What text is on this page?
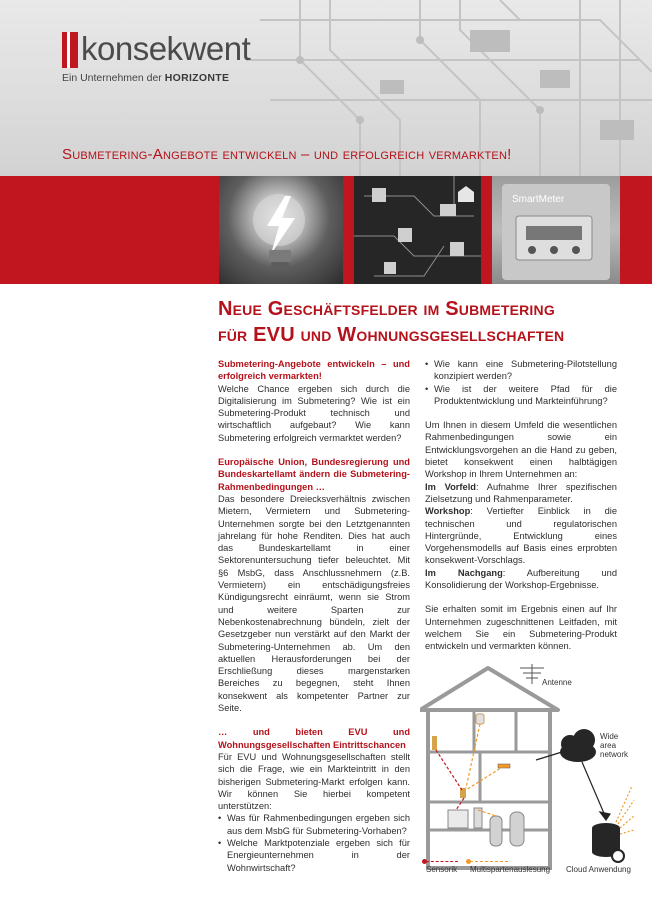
konsekwent
Ein Unternehmen der HORIZONTE
Submetering-Angebote entwickeln – und erfolgreich vermarkten!
SmartMeter
Neue Geschäftsfelder im Submetering
für EVU und Wohnungsgesellschaften

Submetering-Angebote entwickeln – und erfolgreich vermarkten!
Welche Chance ergeben sich durch die Digitalisierung im Submetering? Wie ist ein Submetering-Produkt technisch und wirtschaftlich aufgebaut? Wie kann Submetering erfolgreich vermarktet werden?

Europäische Union, Bundesregierung und Bundeskartellamt ändern die Submetering-Rahmenbedingungen …
Das besondere Dreiecksverhältnis zwischen Mietern, Vermietern und Submetering-Unternehmen sorgte bei den Letztgenannten jahrelang für hohe Renditen. Dies hat auch das Bundeskartellamt in einer Sektorenuntersuchung tiefer beleuchtet. Mit §6 MsbG, dass Anschlussnehmern (z.B. Vermietern) ein entschädigungsfreies Kündigungsrecht einräumt, wenn sie Strom und weitere Sparten zur Nebenkostenabrechnung bündeln, zielt der Gesetzgeber nun verstärkt auf den Markt der Submetering-Unternehmen ab. Um den aktuellen Herausforderungen bei der Erschließung dieses margenstarken Bereiches zu begegnen, steht Ihnen konsekwent als kompetenter Partner zur Seite.

… und bieten EVU und Wohnungsgesellschaften Eintrittschancen
Für EVU und Wohnungsgesellschaften stellt sich die Frage, wie ein Markteintritt in den bisherigen Submetering-Markt erfolgen kann. Wir können Sie hierbei kompetent unterstützen:

• Was für Rahmenbedingungen ergeben sich aus dem MsbG für Submetering-Vorhaben?
• Welche Marktpotenziale ergeben sich für Energieunternehmen in der Wohnwirtschaft?
• Wie kann eine Submetering-Pilotstellung konzipiert werden?
• Wie ist der weitere Pfad für die Produktentwicklung und Markteinführung?

Um Ihnen in diesem Umfeld die wesentlichen Rahmenbedingungen sowie ein Entwicklungsvorgehen an die Hand zu geben, bietet konsekwent einen halbtägigen Workshop in Ihrem Unternehmen an:
Im Vorfeld: Aufnahme Ihrer spezifischen Zielsetzung und Rahmenparameter.
Workshop: Vertiefter Einblick in die technischen und regulatorischen Hintergründe, Entwicklung eines Vorgehensmodells auf Basis eines erprobten konsekwent-Vorschlags.
Im Nachgang: Aufbereitung und Konsolidierung der Workshop-Ergebnisse.

Sie erhalten somit im Ergebnis einen auf Ihr Unternehmen zugeschnittenen Leitfaden, mit welchem Sie ein Submetering-Produkt entwickeln und vermarkten können.

Antenne
Wide
area
network
Sensorik Multispartenauslesung Cloud Anwendung
